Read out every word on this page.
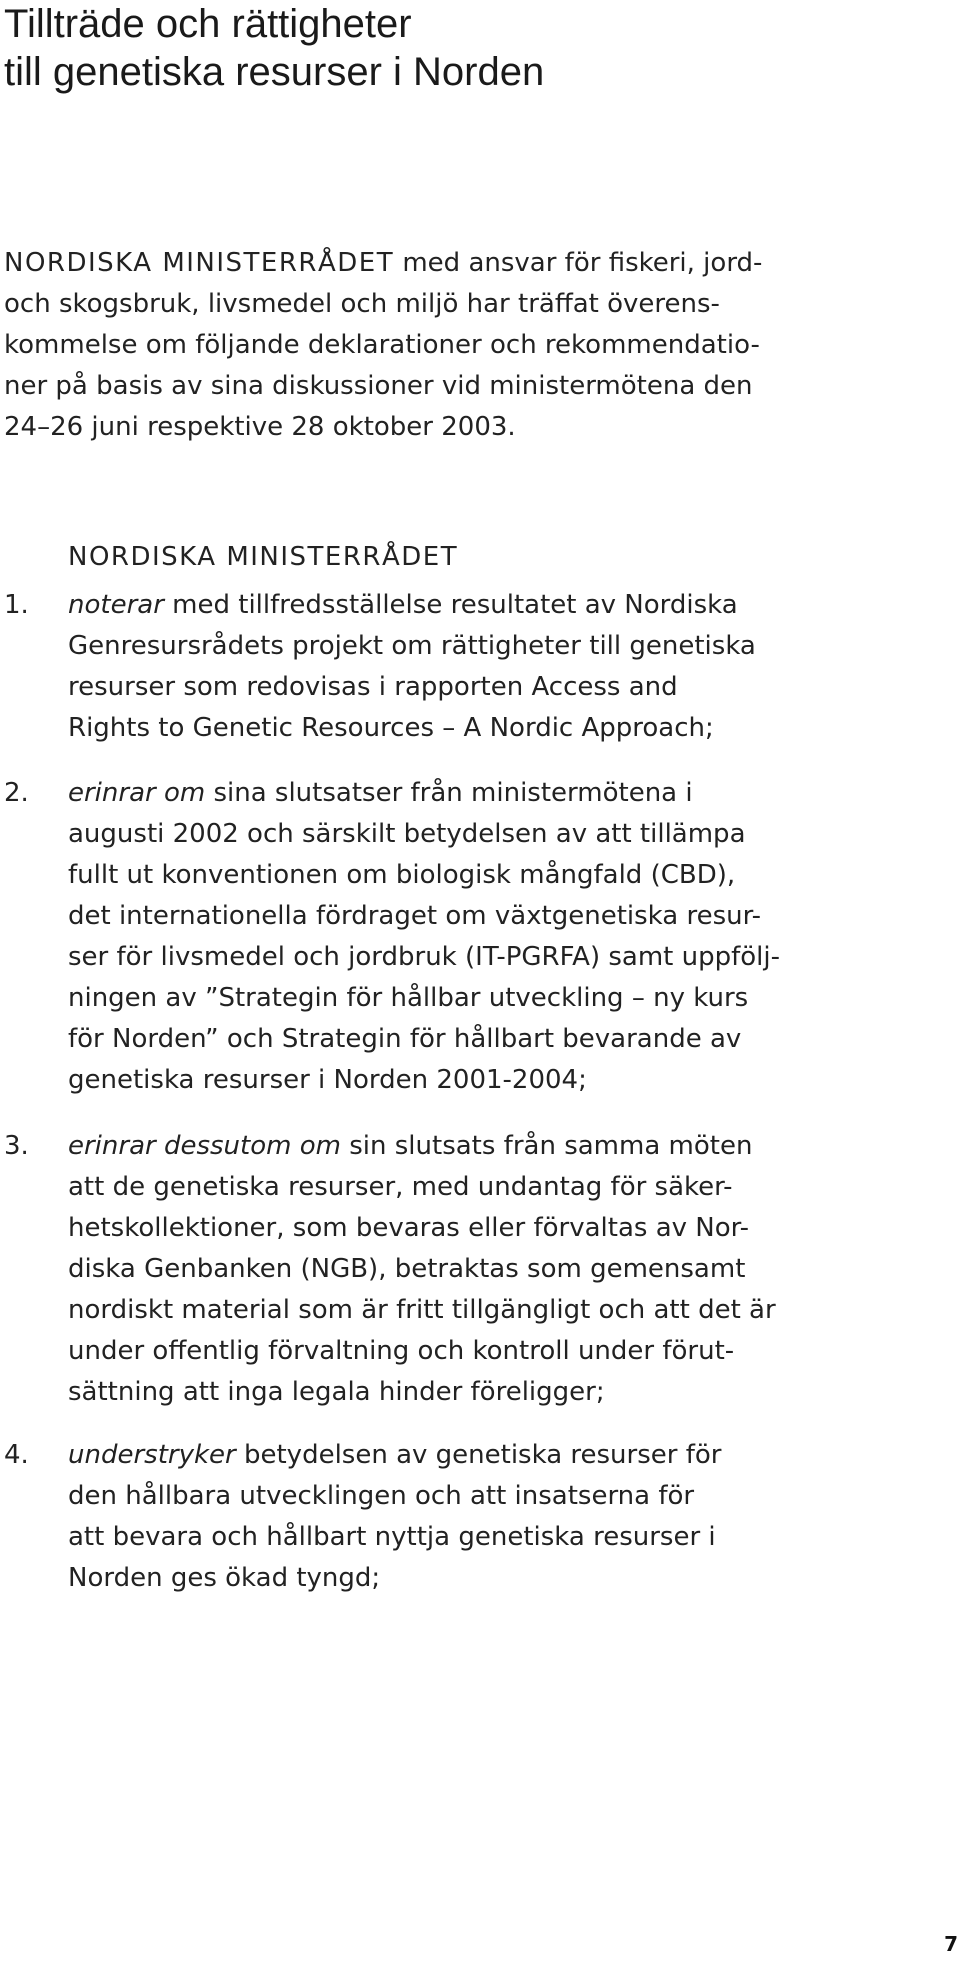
Tillträde och rättigheter
till genetiska resurser i Norden

NORDISKA MINISTERRÅDET med ansvar för fiskeri, jord-
och skogsbruk, livsmedel och miljö har träffat överens-
kommelse om följande deklarationer och rekommendatio-
ner på basis av sina diskussioner vid ministermötena den
24–26 juni respektive 28 oktober 2003.

NORDISKA MINISTERRÅDET

1. noterar med tillfredsställelse resultatet av Nordiska
Genresursrådets projekt om rättigheter till genetiska
resurser som redovisas i rapporten Access and
Rights to Genetic Resources – A Nordic Approach;
2. erinrar om sina slutsatser från ministermötena i
augusti 2002 och särskilt betydelsen av att tillämpa
fullt ut konventionen om biologisk mångfald (CBD),
det internationella fördraget om växtgenetiska resur-
ser för livsmedel och jordbruk (IT-PGRFA) samt uppfölj-
ningen av ”Strategin för hållbar utveckling – ny kurs
för Norden” och Strategin för hållbart bevarande av
genetiska resurser i Norden 2001-2004;
3. erinrar dessutom om sin slutsats från samma möten
att de genetiska resurser, med undantag för säker-
hetskollektioner, som bevaras eller förvaltas av Nor-
diska Genbanken (NGB), betraktas som gemensamt
nordiskt material som är fritt tillgängligt och att det är
under offentlig förvaltning och kontroll under förut-
sättning att inga legala hinder föreligger;
4. understryker betydelsen av genetiska resurser för
den hållbara utvecklingen och att insatserna för
att bevara och hållbart nyttja genetiska resurser i
Norden ges ökad tyngd;
7
